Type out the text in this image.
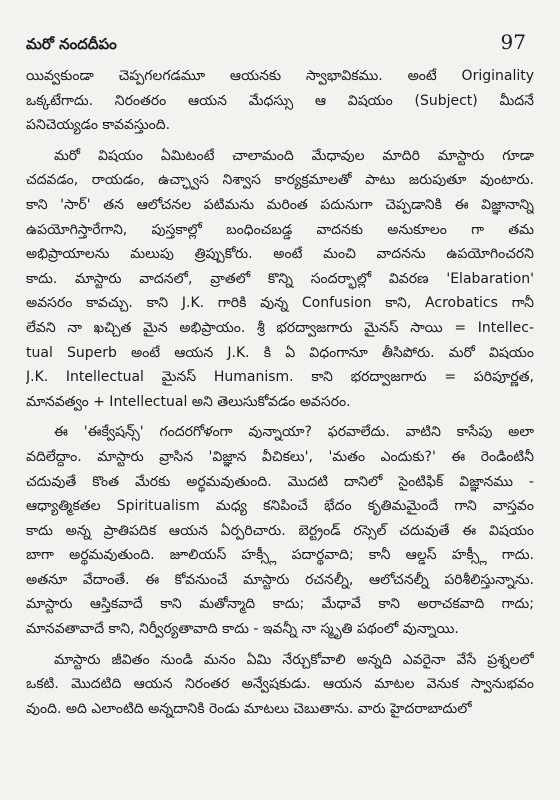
మరో నందదీపం	97

యివ్వకుండా చెప్పగలగడమూ ఆయనకు స్వాభావికము. అంటే Originality
ఒక్కటేగాదు. నిరంతరం ఆయన మేధస్సు ఆ విషయం (Subject) మీదనే
పనిచెయ్యడం కావవస్తుంది.

మరో విషయం ఏమిటంటే చాలామంది మేధావుల మాదిరి మాస్టారు గూడా
చదవడం, రాయడం, ఉచ్ఛ్వాస నిశ్వాస కార్యక్రమాలతో పాటు జరుపుతూ వుంటారు.
కాని 'సార్' తన ఆలోచనల పటిమను మరింత పదునుగా చెప్పడానికి ఈ విజ్ఞానాన్ని
ఉపయోగిస్తారేగాని, పుస్తకాల్లో బంధించబడ్డ వాదనకు అనుకూలం గా తమ
అభిప్రాయాలను మలుపు త్రిప్పుకోరు. అంటే మంచి వాదనను ఉపయోగించరని
కాదు. మాస్టారు వాదనలో, వ్రాతలో కొన్ని సందర్భాల్లో వివరణ 'Elabaration'
అవసరం కావచ్చు. కాని J.K. గారికి వున్న Confusion కాని, Acrobatics గానీ
లేవని నా ఖచ్చిత మైన అభిప్రాయం. శ్రీ భరద్వాజగారు మైనస్ సాయి = Intellec-
tual Superb అంటే ఆయన J.K. కి ఏ విధంగానూ తీసిపోరు. మరో విషయం
J.K. Intellectual మైనస్ Humanism. కాని భరద్వాజగారు = పరిపూర్ణత,
మానవత్వం + Intellectual అని తెలుసుకోవడం అవసరం.

ఈ 'ఈక్వేషన్స్' గందరగోళంగా వున్నాయా? ఫరవాలేదు. వాటిని కాసేపు అలా
వదిలేద్దాం. మాస్టారు వ్రాసిన 'విజ్ఞాన వీచికలు', 'మతం ఎందుకు?' ఈ రెండింటినీ
చదువుతే కొంత మేరకు అర్థమవుతుంది. మొదటి దానిలో సైంటిఫిక్ విజ్ఞానము -
ఆధ్యాత్మికతల Spiritualism మధ్య కనిపించే భేదం కృతిమమైందే గాని వాస్తవం
కాదు అన్న ప్రాతిపదిక ఆయన ఏర్పరిచారు. బెర్ట్రండ్ రస్సెల్ చదువుతే ఈ విషయం
బాగా అర్థమవుతుంది. జూలియస్ హక్స్లీ పదార్థవాది; కానీ ఆల్డస్ హక్స్లీ గాదు.
అతనూ వేదాంతే. ఈ కోవనుంచే మాస్టారు రచనల్నీ, ఆలోచనల్నీ పరిశీలిస్తున్నాను.
మాస్టారు ఆస్తికవాదే కాని మతోన్మాది కాదు; మేధావే కాని అరాచకవాది గాదు;
మానవతావాదే కాని, నిర్వీర్యతావాది కాదు - ఇవన్నీ నా స్మృతి పథంలో వున్నాయి.

మాస్టారు జీవితం నుండి మనం ఏమి నేర్చుకోవాలి అన్నది ఎవరైనా వేసే ప్రశ్నలలో
ఒకటి. మొదటిది ఆయన నిరంతర అన్వేషకుడు. ఆయన మాటల వెనుక స్వానుభవం
వుంది. అది ఎలాంటిది అన్నదానికి రెండు మాటలు చెబుతాను. వారు హైదరాబాదులో
